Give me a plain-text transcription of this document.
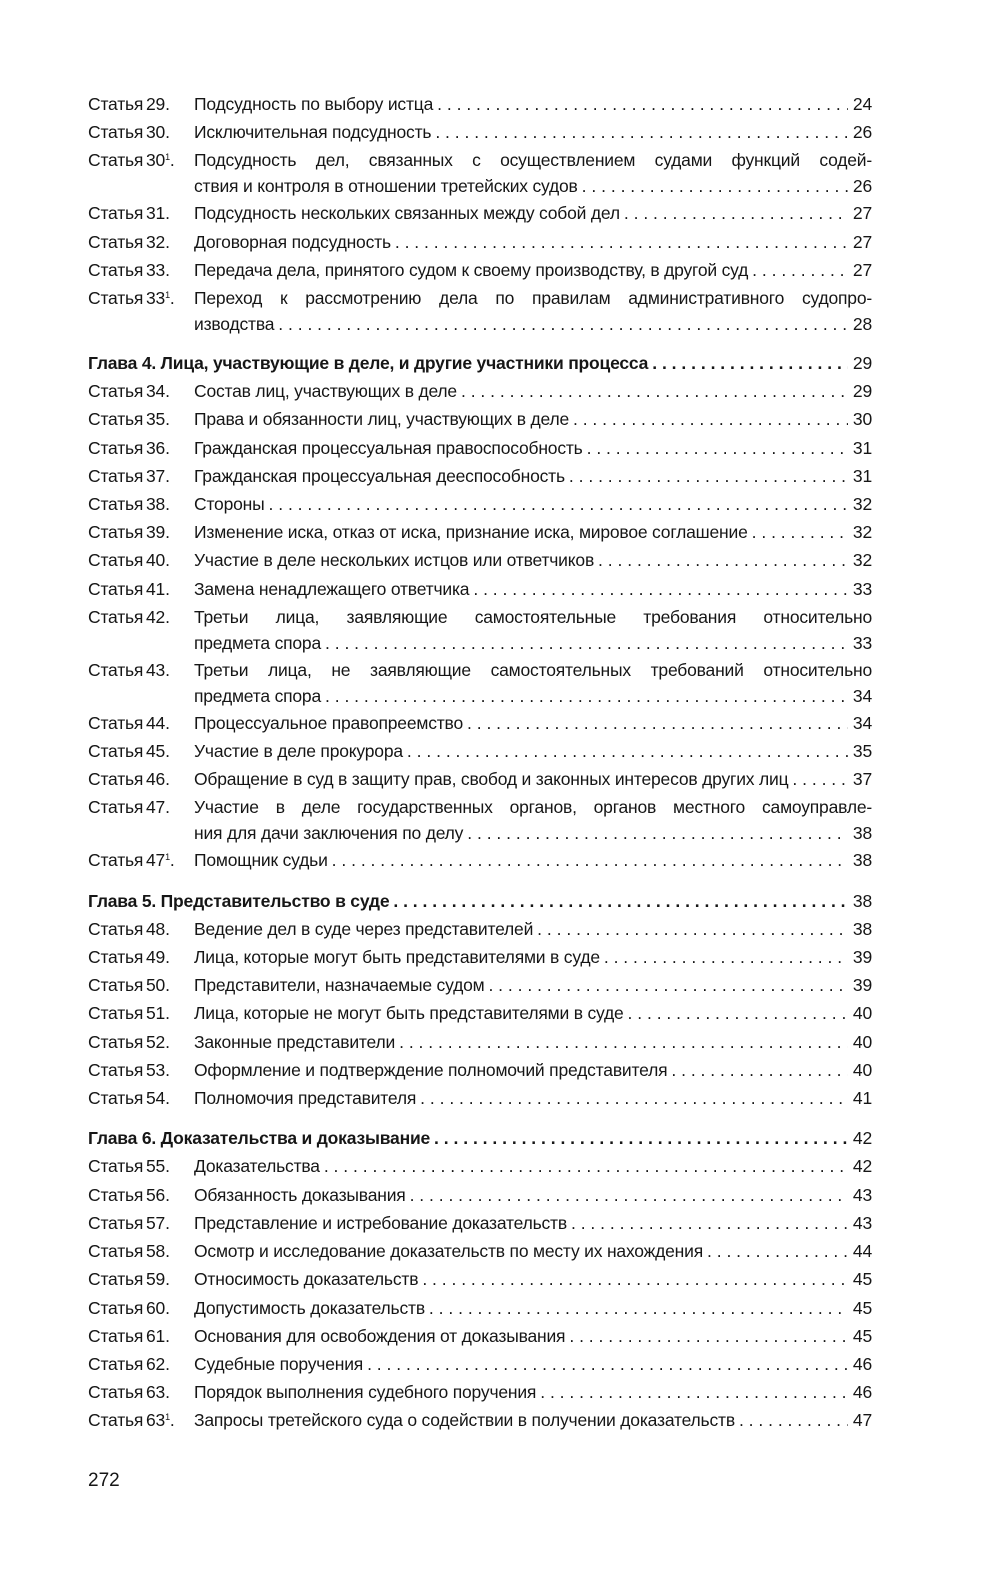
Статья 29.	Подсудность по выбору истца . . .	24
Статья 30.	Исключительная подсудность . . .	26
Статья $30^1$.	Подсудность дел, связанных с осуществлением судами функций содей-
ствия и контроля в отношении третейских судов . . .	26
Статья 31.	Подсудность нескольких связанных между собой дел . . .	27
Статья 32.	Договорная подсудность . . .	27
Статья 33.	Передача дела, принятого судом к своему производству, в другой суд . . .	27
Статья $33^1$.	Переход к рассмотрению дела по правилам административного судопро-
изводства . . .	28
Глава 4. Лица, участвующие в деле, и другие участники процесса . . .	29
Статья 34.	Состав лиц, участвующих в деле . . .	29
Статья 35.	Права и обязанности лиц, участвующих в деле . . .	30
Статья 36.	Гражданская процессуальная правоспособность . . .	31
Статья 37.	Гражданская процессуальная дееспособность . . .	31
Статья 38.	Стороны . . .	32
Статья 39.	Изменение иска, отказ от иска, признание иска, мировое соглашение . . .	32
Статья 40.	Участие в деле нескольких истцов или ответчиков . . .	32
Статья 41.	Замена ненадлежащего ответчика . . .	33
Статья 42.	Третьи лица, заявляющие самостоятельные требования относительно
предмета спора . . .	33
Статья 43.	Третьи лица, не заявляющие самостоятельных требований относительно
предмета спора . . .	34
Статья 44.	Процессуальное правопреемство . . .	34
Статья 45.	Участие в деле прокурора . . .	35
Статья 46.	Обращение в суд в защиту прав, свобод и законных интересов других лиц . . .	37
Статья 47.	Участие в деле государственных органов, органов местного самоуправле-
ния для дачи заключения по делу . . .	38
Статья $47^1$.	Помощник судьи . . .	38
Глава 5. Представительство в суде . . .	38
Статья 48.	Ведение дел в суде через представителей . . .	38
Статья 49.	Лица, которые могут быть представителями в суде . . .	39
Статья 50.	Представители, назначаемые судом . . .	39
Статья 51.	Лица, которые не могут быть представителями в суде . . .	40
Статья 52.	Законные представители . . .	40
Статья 53.	Оформление и подтверждение полномочий представителя . . .	40
Статья 54.	Полномочия представителя . . .	41
Глава 6. Доказательства и доказывание . . .	42
Статья 55.	Доказательства . . .	42
Статья 56.	Обязанность доказывания . . .	43
Статья 57.	Представление и истребование доказательств . . .	43
Статья 58.	Осмотр и исследование доказательств по месту их нахождения . . .	44
Статья 59.	Относимость доказательств . . .	45
Статья 60.	Допустимость доказательств . . .	45
Статья 61.	Основания для освобождения от доказывания . . .	45
Статья 62.	Судебные поручения . . .	46
Статья 63.	Порядок выполнения судебного поручения . . .	46
Статья $63^1$.	Запросы третейского суда о содействии в получении доказательств . . .	47
272
